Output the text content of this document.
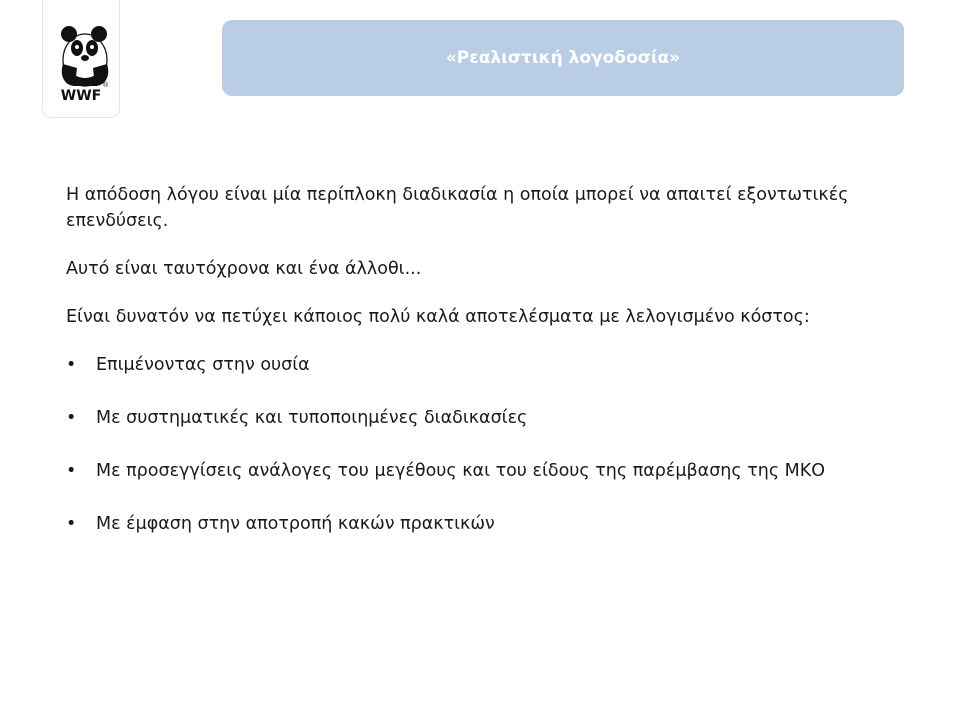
®
WWF
«Ρεαλιστική λογοδοσία»

Η απόδοση λόγου είναι μία περίπλοκη διαδικασία η οποία μπορεί να απαιτεί εξοντωτικές επενδύσεις.

Αυτό είναι ταυτόχρονα και ένα άλλοθι...

Είναι δυνατόν να πετύχει κάποιος πολύ καλά αποτελέσματα με λελογισμένο κόστος:

• Επιμένοντας στην ουσία
• Με συστηματικές και τυποποιημένες διαδικασίες
• Με προσεγγίσεις ανάλογες του μεγέθους και του είδους της παρέμβασης της ΜΚΟ
• Με έμφαση στην αποτροπή κακών πρακτικών
